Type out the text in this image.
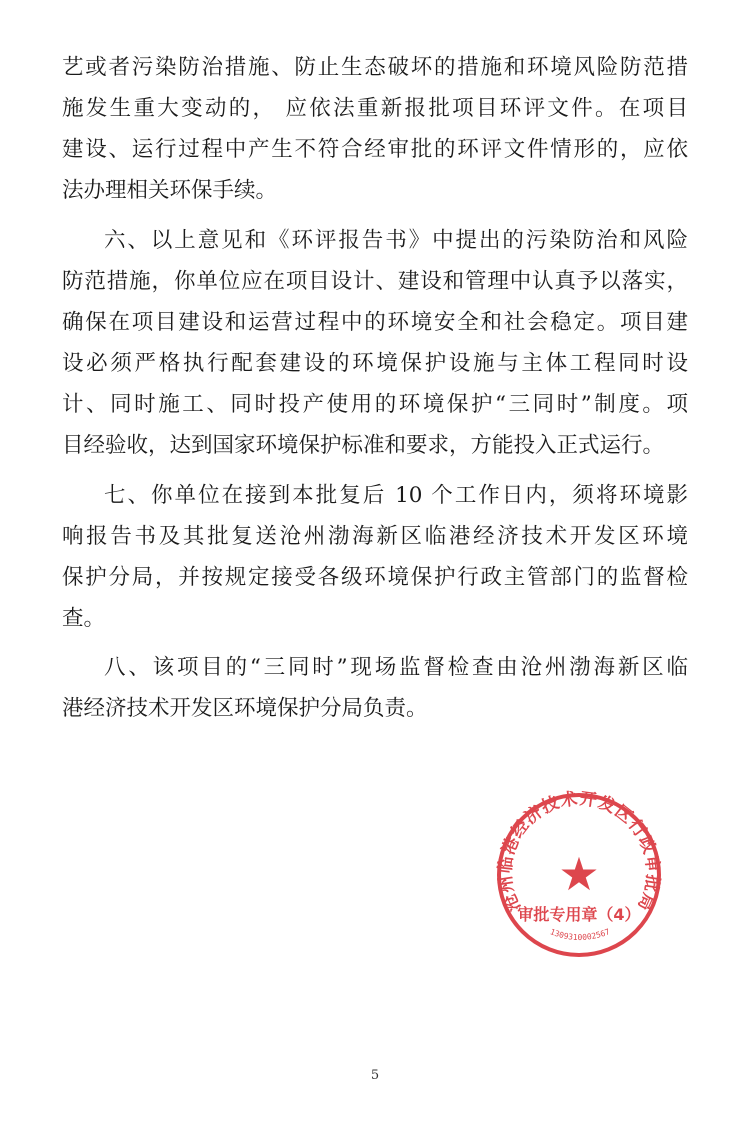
艺或者污染防治措施、防止生态破坏的措施和环境风险防范措
施发生重大变动的， 应依法重新报批项目环评文件。在项目
建设、运行过程中产生不符合经审批的环评文件情形的，应依
法办理相关环保手续。
六、以上意见和《环评报告书》中提出的污染防治和风险
防范措施，你单位应在项目设计、建设和管理中认真予以落实，
确保在项目建设和运营过程中的环境安全和社会稳定。项目建
设必须严格执行配套建设的环境保护设施与主体工程同时设
计、同时施工、同时投产使用的环境保护“三同时”制度。项
目经验收，达到国家环境保护标准和要求，方能投入正式运行。
七、你单位在接到本批复后 10 个工作日内，须将环境影
响报告书及其批复送沧州渤海新区临港经济技术开发区环境
保护分局，并按规定接受各级环境保护行政主管部门的监督检
查。
八、该项目的“三同时”现场监督检查由沧州渤海新区临
港经济技术开发区环境保护分局负责。
沧州临港经济技术开发区行政审批局
★
审批专用章（4）
1309310002567
5
